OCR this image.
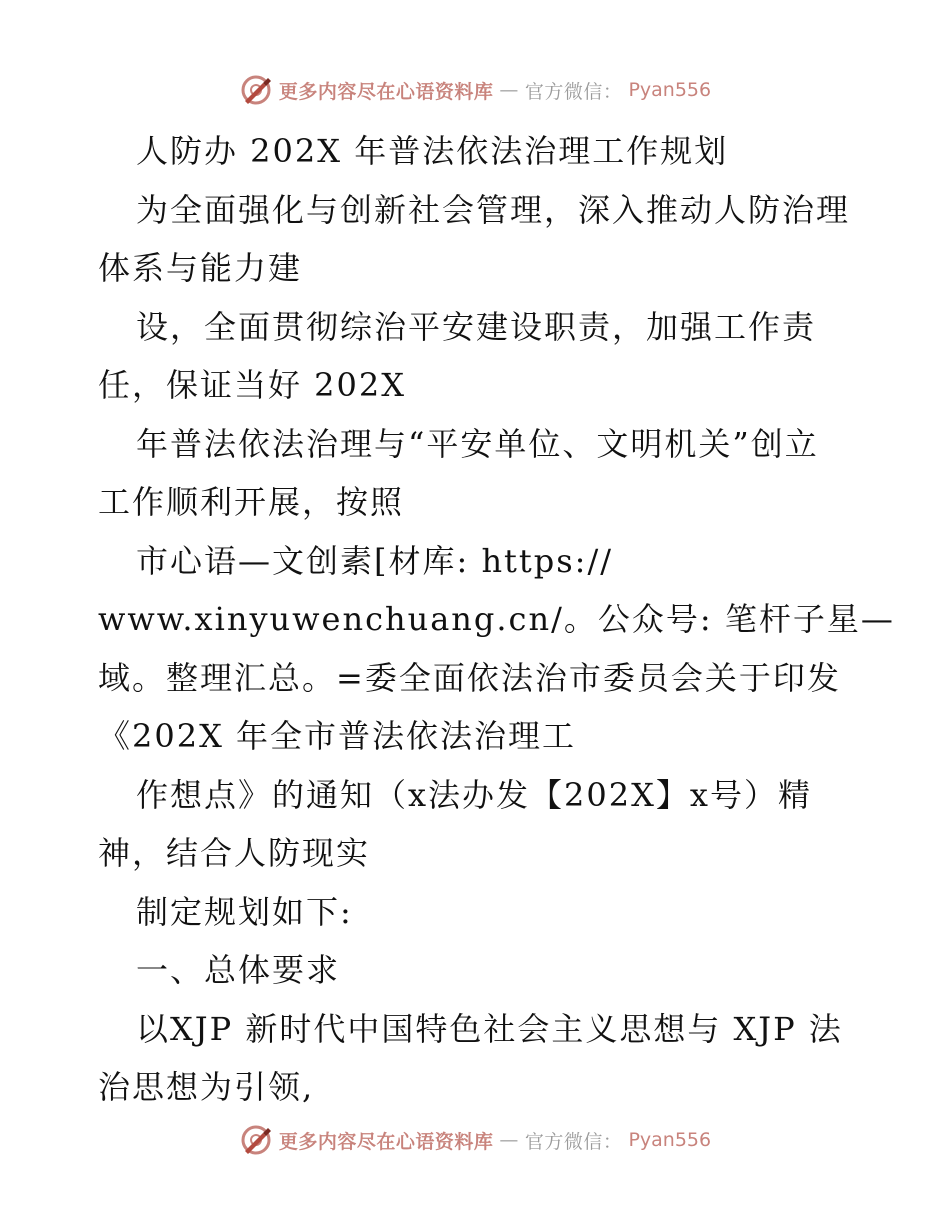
更多内容尽在心语资料库 — 官方微信： Pyan556
人防办 202X 年普法依法治理工作规划
为全面强化与创新社会管理，深入推动人防治理
体系与能力建
设，全面贯彻综治平安建设职责，加强工作责
任，保证当好 202X
年普法依法治理与“平安单位、文明机关”创立
工作顺利开展，按照
市心语—文创素[材库: https://
www.xinyuwenchuang.cn/。公众号: 笔杆子星—
域。整理汇总。=委全面依法治市委员会关于印发
《202X 年全市普法依法治理工
作想点》的通知（x法办发【202X】x号）精
神，结合人防现实
制定规划如下:
一、总体要求
以XJP 新时代中国特色社会主义思想与 XJP 法
治思想为引领,
更多内容尽在心语资料库 — 官方微信： Pyan556
